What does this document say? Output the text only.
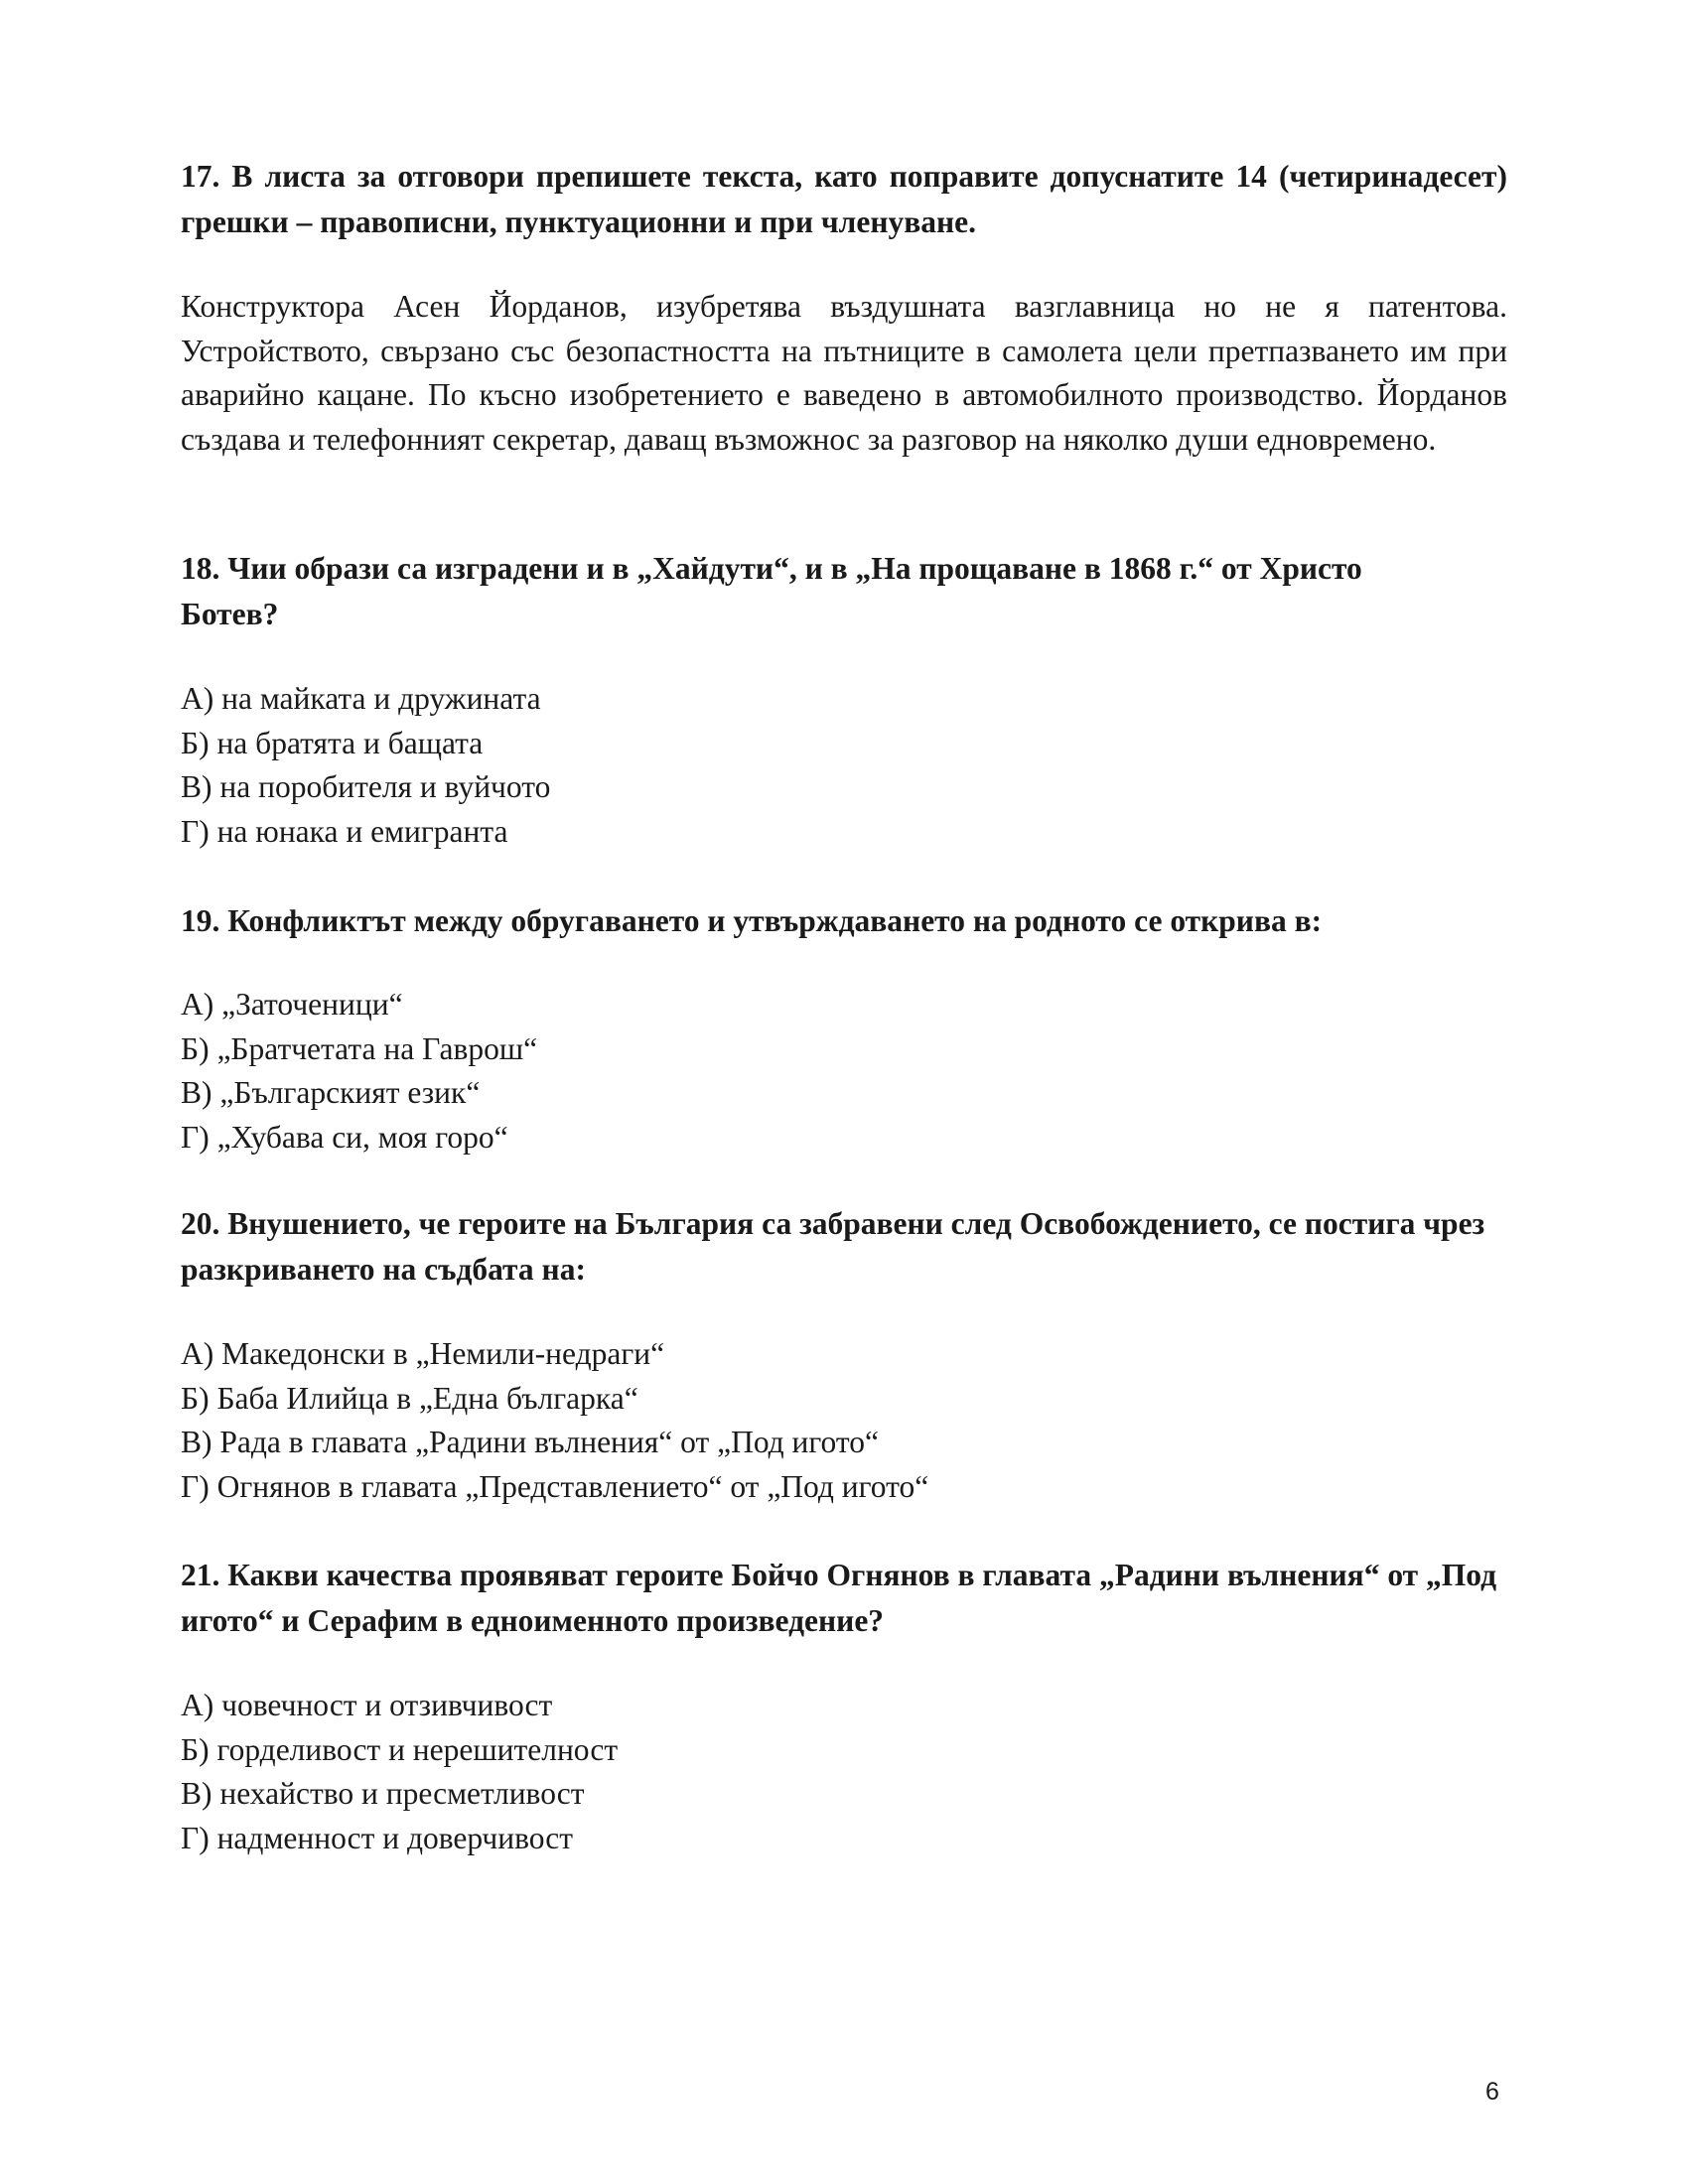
17. В листа за отговори препишете текста, като поправите допуснатите 14 (четиринадесет) грешки – правописни, пунктуационни и при членуване.

Конструктора Асен Йорданов, изубретява въздушната вазглавница но не я патентова. Устройството, свързано със безопастността на пътниците в самолета цели претпазването им при аварийно кацане. По късно изобретението е ваведено в автомобилното производство. Йорданов създава и телефонният секретар, даващ възможнос за разговор на няколко души едновремено.

18. Чии образи са изградени и в „Хайдути“, и в „На прощаване в 1868 г.“ от Христо Ботев?

А) на майката и дружината
Б) на братята и бащата
В) на поробителя и вуйчото
Г) на юнака и емигранта

19. Конфликтът между обругаването и утвърждаването на родното се открива в:

А) „Заточеници“
Б) „Братчетата на Гаврош“
В) „Българският език“
Г) „Хубава си, моя горо“

20. Внушението, че героите на България са забравени след Освобождението, се постига чрез разкриването на съдбата на:

А) Македонски в „Немили-недраги“
Б) Баба Илийца в „Една българка“
В) Рада в главата „Радини вълнения“ от „Под игото“
Г) Огнянов в главата „Представлението“ от „Под игото“

21. Какви качества проявяват героите Бойчо Огнянов в главата „Радини вълнения“ от „Под игото“ и Серафим в едноименното произведение?

А) човечност и отзивчивост
Б) горделивост и нерешителност
В) нехайство и пресметливост
Г) надменност и доверчивост
6
